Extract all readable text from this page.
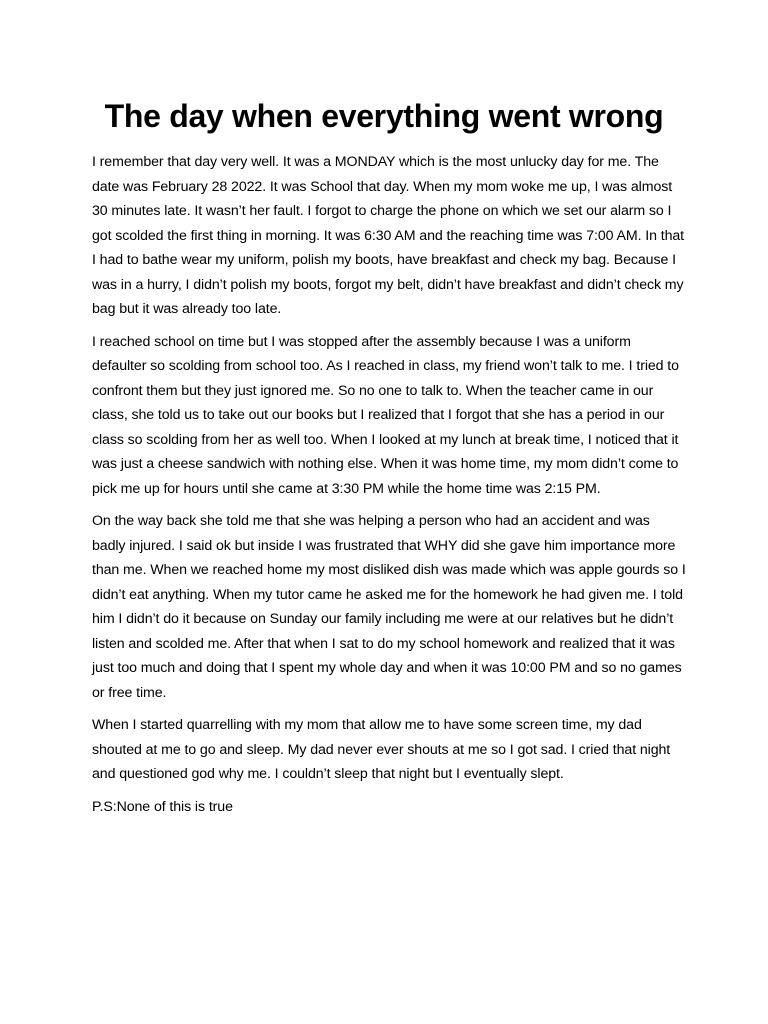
The day when everything went wrong

I remember that day very well. It was a MONDAY which is the most unlucky day for me. The date was February 28 2022. It was School that day. When my mom woke me up, I was almost 30 minutes late. It wasn’t her fault. I forgot to charge the phone on which we set our alarm so I got scolded the first thing in morning. It was 6:30 AM and the reaching time was 7:00 AM. In that I had to bathe wear my uniform, polish my boots, have breakfast and check my bag. Because I was in a hurry, I didn’t polish my boots, forgot my belt, didn’t have breakfast and didn’t check my bag but it was already too late.

I reached school on time but I was stopped after the assembly because I was a uniform defaulter so scolding from school too. As I reached in class, my friend won’t talk to me. I tried to confront them but they just ignored me. So no one to talk to. When the teacher came in our class, she told us to take out our books but I realized that I forgot that she has a period in our class so scolding from her as well too. When I looked at my lunch at break time, I noticed that it was just a cheese sandwich with nothing else. When it was home time, my mom didn’t come to pick me up for hours until she came at 3:30 PM while the home time was 2:15 PM.

On the way back she told me that she was helping a person who had an accident and was badly injured. I said ok but inside I was frustrated that WHY did she gave him importance more than me. When we reached home my most disliked dish was made which was apple gourds so I didn’t eat anything. When my tutor came he asked me for the homework he had given me. I told him I didn’t do it because on Sunday our family including me were at our relatives but he didn’t listen and scolded me. After that when I sat to do my school homework and realized that it was just too much and doing that I spent my whole day and when it was 10:00 PM and so no games or free time.

When I started quarrelling with my mom that allow me to have some screen time, my dad shouted at me to go and sleep. My dad never ever shouts at me so I got sad. I cried that night and questioned god why me. I couldn’t sleep that night but I eventually slept.

P.S:None of this is true
